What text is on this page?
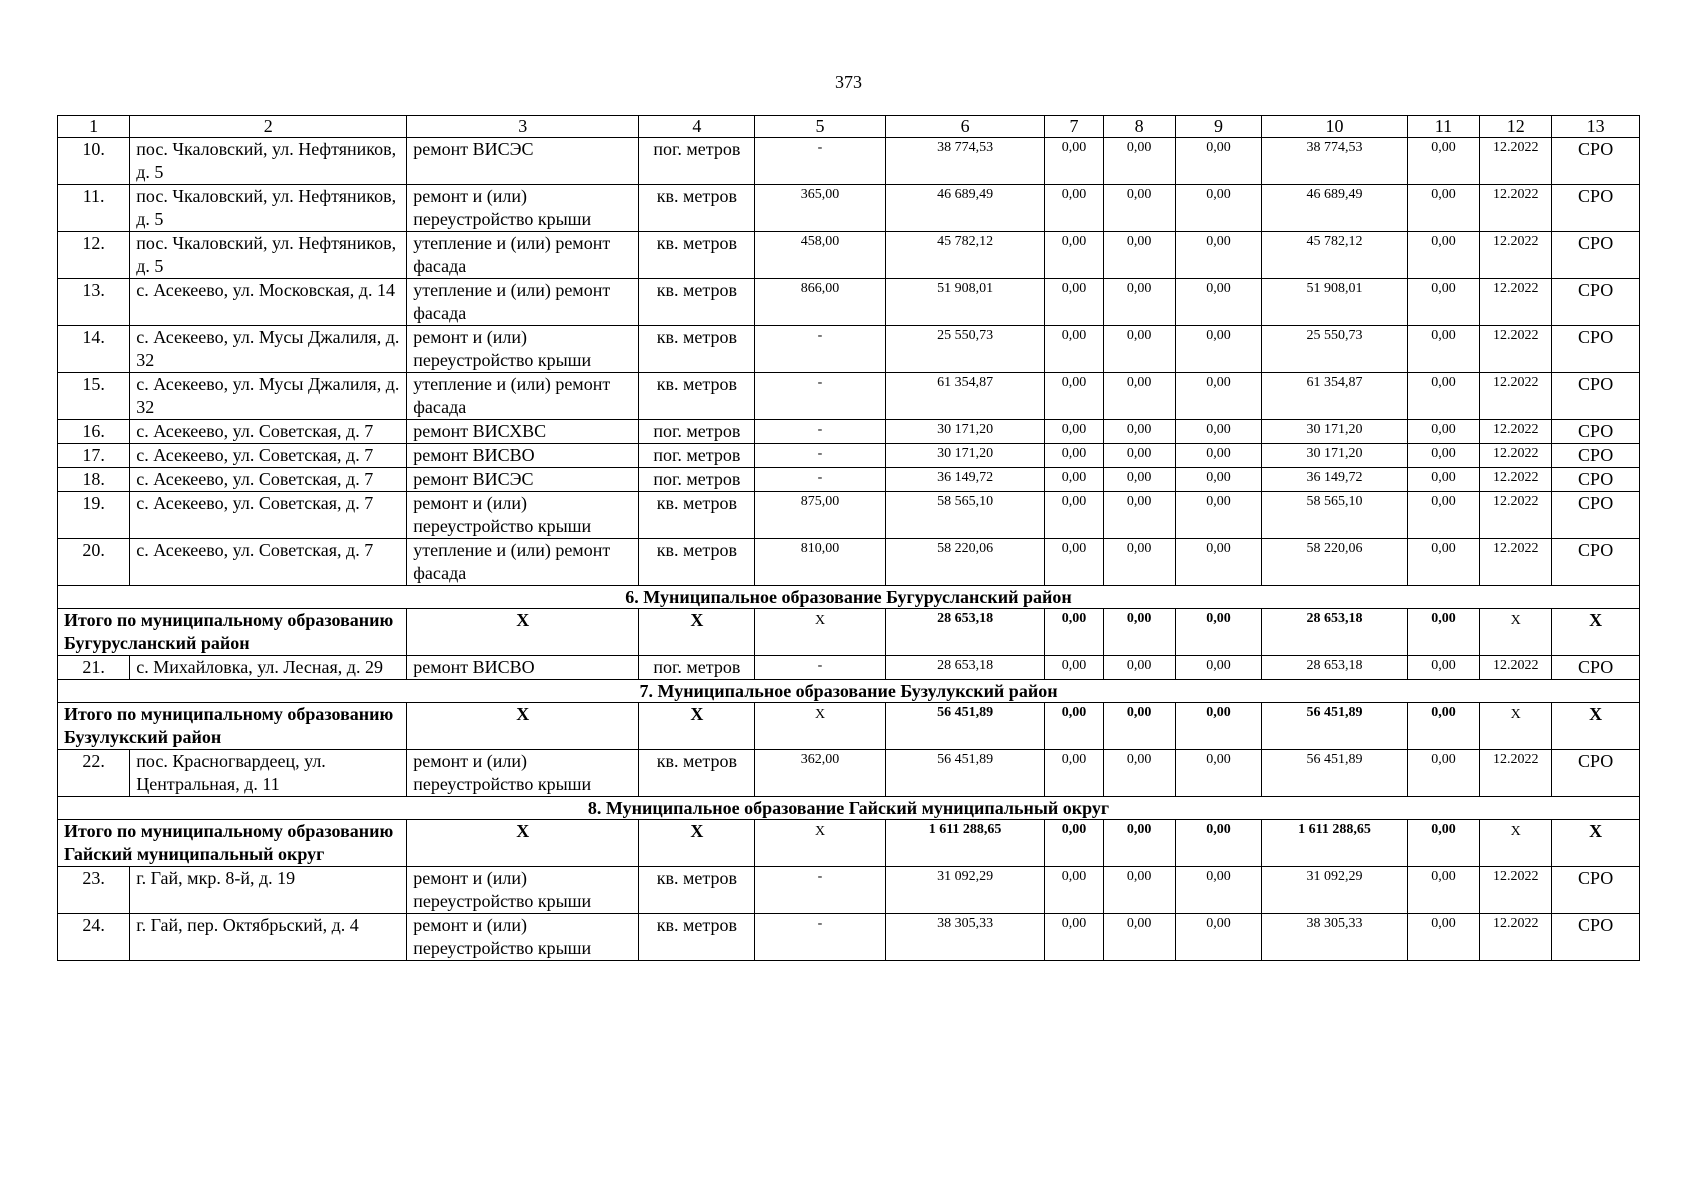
373
1	2	3	4	5	6	7	8	9	10	11	12	13
10.	пос. Чкаловский, ул. Нефтяников, д. 5	ремонт ВИСЭС	пог. метров	-	38 774,53	0,00	0,00	0,00	38 774,53	0,00	12.2022	СРО
11.	пос. Чкаловский, ул. Нефтяников, д. 5	ремонт и (или) переустройство крыши	кв. метров	365,00	46 689,49	0,00	0,00	0,00	46 689,49	0,00	12.2022	СРО
12.	пос. Чкаловский, ул. Нефтяников, д. 5	утепление и (или) ремонт фасада	кв. метров	458,00	45 782,12	0,00	0,00	0,00	45 782,12	0,00	12.2022	СРО
13.	с. Асекеево, ул. Московская, д. 14	утепление и (или) ремонт фасада	кв. метров	866,00	51 908,01	0,00	0,00	0,00	51 908,01	0,00	12.2022	СРО
14.	с. Асекеево, ул. Мусы Джалиля, д. 32	ремонт и (или) переустройство крыши	кв. метров	-	25 550,73	0,00	0,00	0,00	25 550,73	0,00	12.2022	СРО
15.	с. Асекеево, ул. Мусы Джалиля, д. 32	утепление и (или) ремонт фасада	кв. метров	-	61 354,87	0,00	0,00	0,00	61 354,87	0,00	12.2022	СРО
16.	с. Асекеево, ул. Советская, д. 7	ремонт ВИСХВС	пог. метров	-	30 171,20	0,00	0,00	0,00	30 171,20	0,00	12.2022	СРО
17.	с. Асекеево, ул. Советская, д. 7	ремонт ВИСВО	пог. метров	-	30 171,20	0,00	0,00	0,00	30 171,20	0,00	12.2022	СРО
18.	с. Асекеево, ул. Советская, д. 7	ремонт ВИСЭС	пог. метров	-	36 149,72	0,00	0,00	0,00	36 149,72	0,00	12.2022	СРО
19.	с. Асекеево, ул. Советская, д. 7	ремонт и (или) переустройство крыши	кв. метров	875,00	58 565,10	0,00	0,00	0,00	58 565,10	0,00	12.2022	СРО
20.	с. Асекеево, ул. Советская, д. 7	утепление и (или) ремонт фасада	кв. метров	810,00	58 220,06	0,00	0,00	0,00	58 220,06	0,00	12.2022	СРО
6. Муниципальное образование Бугурусланский район												
Итого по муниципальному образованию Бугурусланский район		X	X	X	28 653,18	0,00	0,00	0,00	28 653,18	0,00	X	X
21.	с. Михайловка, ул. Лесная, д. 29	ремонт ВИСВО	пог. метров	-	28 653,18	0,00	0,00	0,00	28 653,18	0,00	12.2022	СРО
7. Муниципальное образование Бузулукский район												
Итого по муниципальному образованию Бузулукский район		X	X	X	56 451,89	0,00	0,00	0,00	56 451,89	0,00	X	X
22.	пос. Красногвардеец, ул. Центральная, д. 11	ремонт и (или) переустройство крыши	кв. метров	362,00	56 451,89	0,00	0,00	0,00	56 451,89	0,00	12.2022	СРО
8. Муниципальное образование Гайский муниципальный округ												
Итого по муниципальному образованию Гайский муниципальный округ		X	X	X	1 611 288,65	0,00	0,00	0,00	1 611 288,65	0,00	X	X
23.	г. Гай, мкр. 8-й, д. 19	ремонт и (или) переустройство крыши	кв. метров	-	31 092,29	0,00	0,00	0,00	31 092,29	0,00	12.2022	СРО
24.	г. Гай, пер. Октябрьский, д. 4	ремонт и (или) переустройство крыши	кв. метров	-	38 305,33	0,00	0,00	0,00	38 305,33	0,00	12.2022	СРО
